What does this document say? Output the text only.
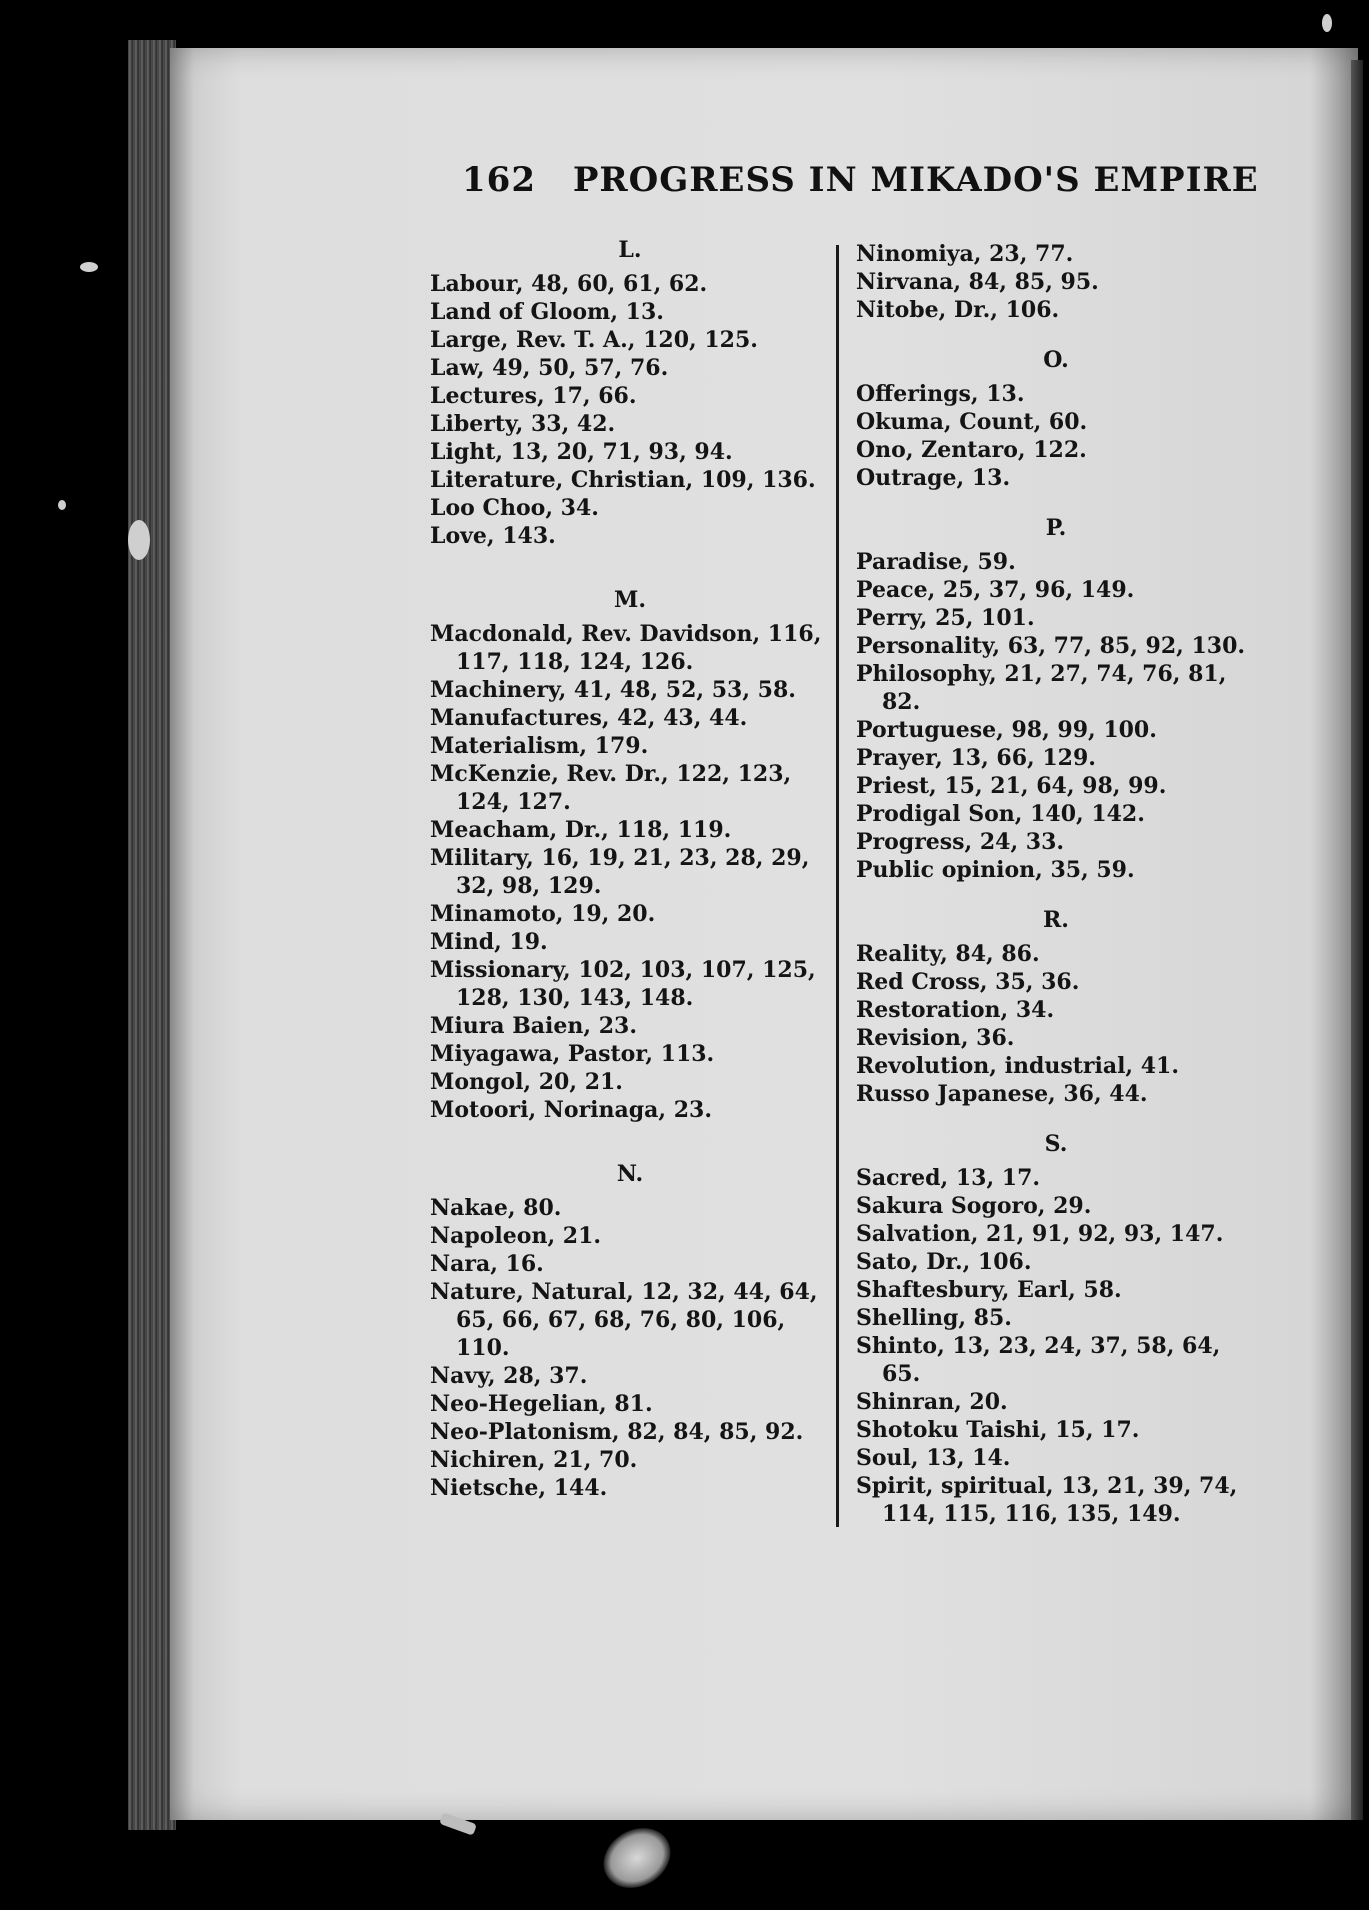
162 PROGRESS IN MIKADO'S EMPIRE
L.
Labour, 48, 60, 61, 62.
Land of Gloom, 13.
Large, Rev. T. A., 120, 125.
Law, 49, 50, 57, 76.
Lectures, 17, 66.
Liberty, 33, 42.
Light, 13, 20, 71, 93, 94.
Literature, Christian, 109, 136.
Loo Choo, 34.
Love, 143.
M.
Macdonald, Rev. Davidson, 116, 117, 118, 124, 126.
Machinery, 41, 48, 52, 53, 58.
Manufactures, 42, 43, 44.
Materialism, 179.
McKenzie, Rev. Dr., 122, 123, 124, 127.
Meacham, Dr., 118, 119.
Military, 16, 19, 21, 23, 28, 29, 32, 98, 129.
Minamoto, 19, 20.
Mind, 19.
Missionary, 102, 103, 107, 125, 128, 130, 143, 148.
Miura Baien, 23.
Miyagawa, Pastor, 113.
Mongol, 20, 21.
Motoori, Norinaga, 23.
N.
Nakae, 80.
Napoleon, 21.
Nara, 16.
Nature, Natural, 12, 32, 44, 64, 65, 66, 67, 68, 76, 80, 106, 110.
Navy, 28, 37.
Neo-Hegelian, 81.
Neo-Platonism, 82, 84, 85, 92.
Nichiren, 21, 70.
Nietsche, 144.
Ninomiya, 23, 77.
Nirvana, 84, 85, 95.
Nitobe, Dr., 106.
O.
Offerings, 13.
Okuma, Count, 60.
Ono, Zentaro, 122.
Outrage, 13.
P.
Paradise, 59.
Peace, 25, 37, 96, 149.
Perry, 25, 101.
Personality, 63, 77, 85, 92, 130.
Philosophy, 21, 27, 74, 76, 81, 82.
Portuguese, 98, 99, 100.
Prayer, 13, 66, 129.
Priest, 15, 21, 64, 98, 99.
Prodigal Son, 140, 142.
Progress, 24, 33.
Public opinion, 35, 59.
R.
Reality, 84, 86.
Red Cross, 35, 36.
Restoration, 34.
Revision, 36.
Revolution, industrial, 41.
Russo Japanese, 36, 44.
S.
Sacred, 13, 17.
Sakura Sogoro, 29.
Salvation, 21, 91, 92, 93, 147.
Sato, Dr., 106.
Shaftesbury, Earl, 58.
Shelling, 85.
Shinto, 13, 23, 24, 37, 58, 64, 65.
Shinran, 20.
Shotoku Taishi, 15, 17.
Soul, 13, 14.
Spirit, spiritual, 13, 21, 39, 74, 114, 115, 116, 135, 149.
